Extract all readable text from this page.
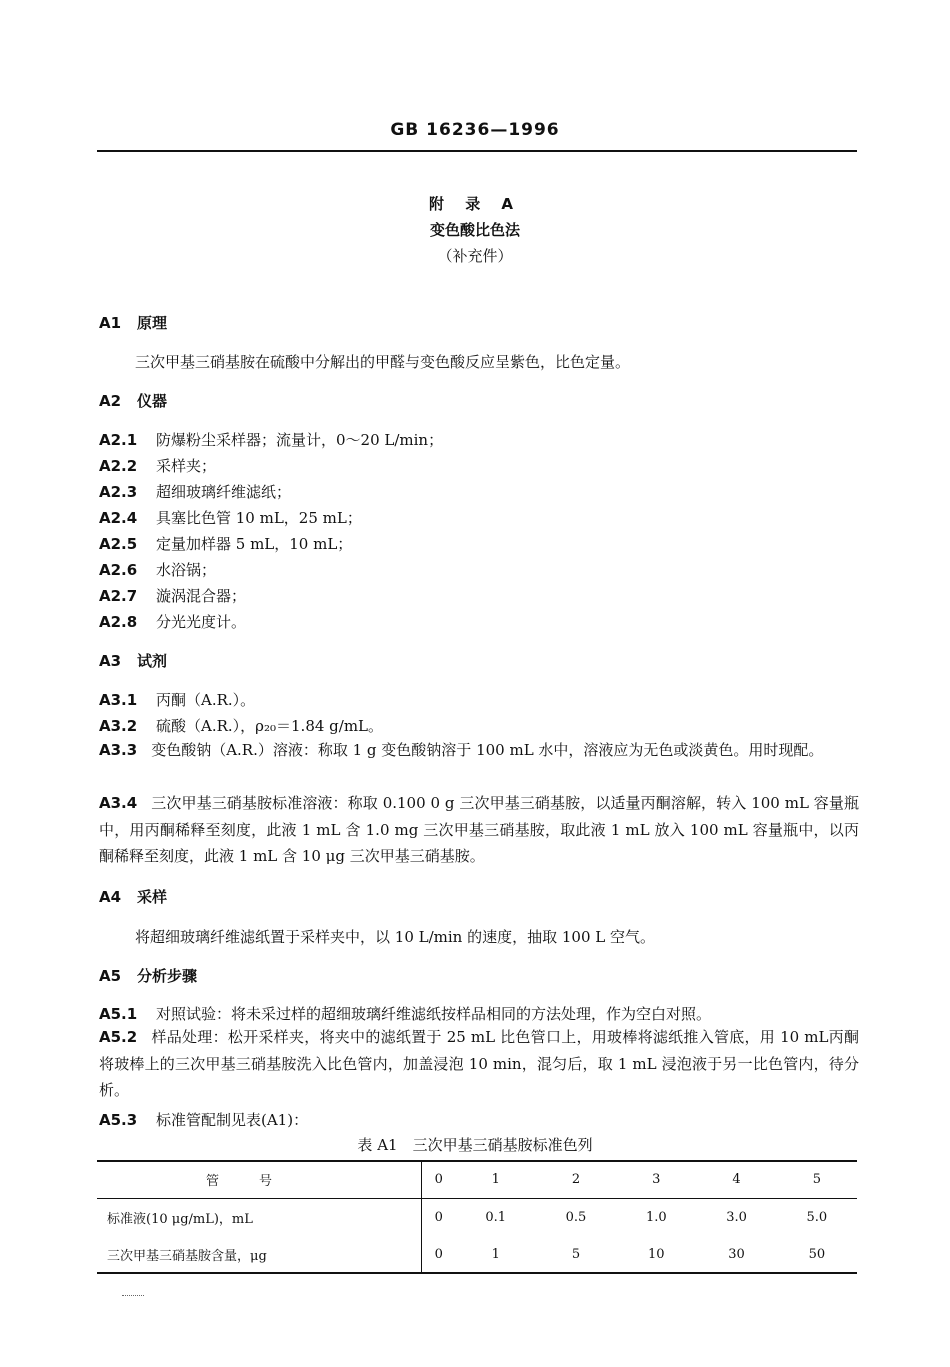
GB 16236—1996
附 录 A
变色酸比色法
（补充件）
A1 原理
三次甲基三硝基胺在硫酸中分解出的甲醛与变色酸反应呈紫色，比色定量。
A2 仪器
A2.1 防爆粉尘采样器；流量计，0～20 L/min；
A2.2 采样夹；
A2.3 超细玻璃纤维滤纸；
A2.4 具塞比色管 10 mL，25 mL；
A2.5 定量加样器 5 mL，10 mL；
A2.6 水浴锅；
A2.7 漩涡混合器；
A2.8 分光光度计。
A3 试剂
A3.1 丙酮（A.R.）。
A3.2 硫酸（A.R.），ρ₂₀＝1.84 g/mL。
A3.3 变色酸钠（A.R.）溶液：称取 1 g 变色酸钠溶于 100 mL 水中，溶液应为无色或淡黄色。用时现配。
A3.4 三次甲基三硝基胺标准溶液：称取 0.100 0 g 三次甲基三硝基胺，以适量丙酮溶解，转入 100 mL 容量瓶中，用丙酮稀释至刻度，此液 1 mL 含 1.0 mg 三次甲基三硝基胺，取此液 1 mL 放入 100 mL 容量瓶中，以丙酮稀释至刻度，此液 1 mL 含 10 μg 三次甲基三硝基胺。
A4 采样
将超细玻璃纤维滤纸置于采样夹中，以 10 L/min 的速度，抽取 100 L 空气。
A5 分析步骤
A5.1 对照试验：将未采过样的超细玻璃纤维滤纸按样品相同的方法处理，作为空白对照。
A5.2 样品处理：松开采样夹，将夹中的滤纸置于 25 mL 比色管口上，用玻棒将滤纸推入管底，用 10 mL丙酮将玻棒上的三次甲基三硝基胺洗入比色管内，加盖浸泡 10 min，混匀后，取 1 mL 浸泡液于另一比色管内，待分析。
A5.3 标准管配制见表(A1)：
表 A1　三次甲基三硝基胺标准色列
管号	0	1	2	3	4	5
标准液(10 μg/mL)，mL	0	0.1	0.5	1.0	3.0	5.0
三次甲基三硝基胺含量，μg	0	1	5	10	30	50
